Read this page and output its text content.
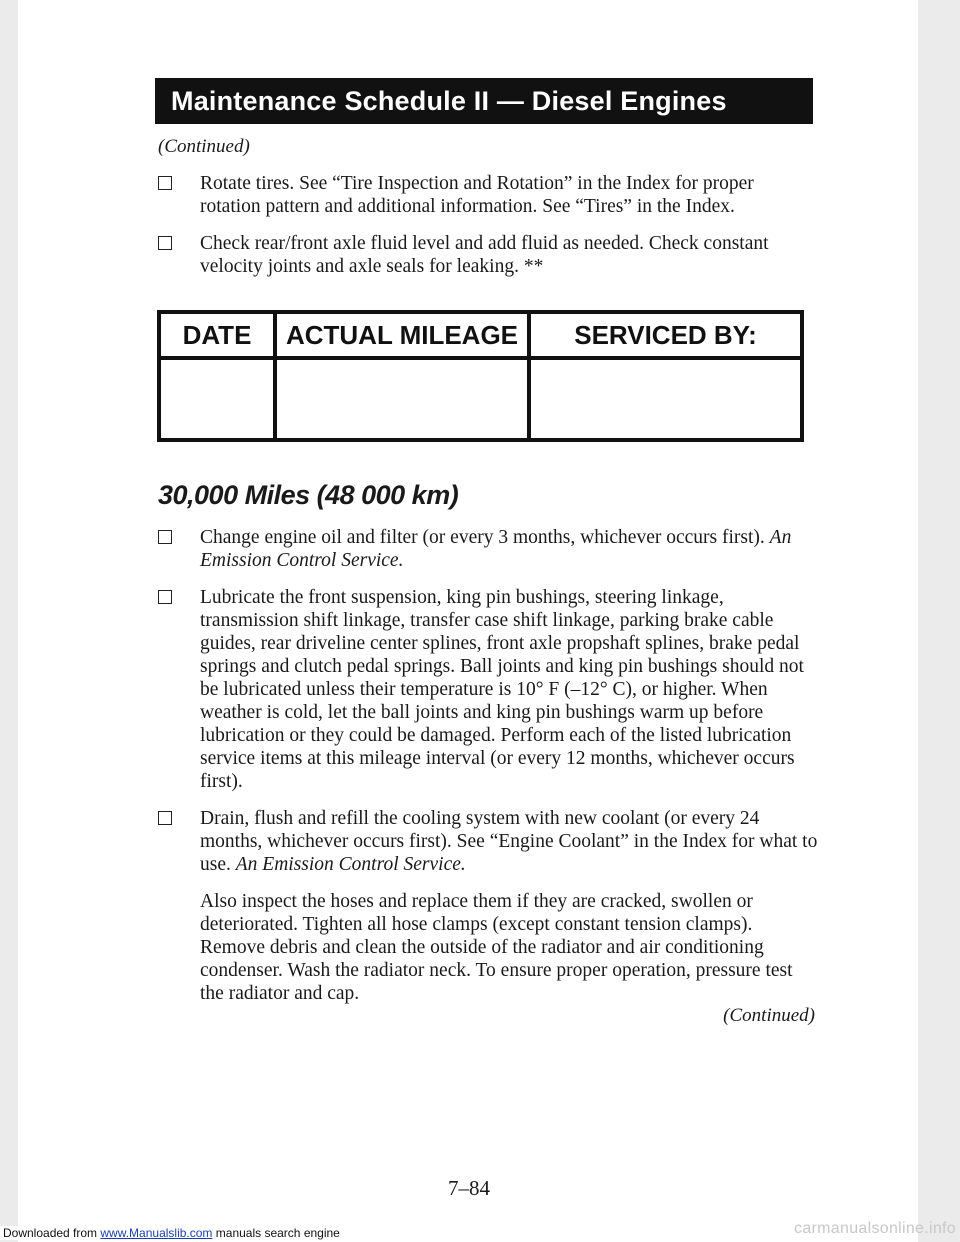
Maintenance Schedule II — Diesel Engines
(Continued)
Rotate tires. See “Tire Inspection and Rotation” in the Index for proper rotation pattern and additional information. See “Tires” in the Index.
Check rear/front axle fluid level and add fluid as needed. Check constant velocity joints and axle seals for leaking. **
DATE	ACTUAL MILEAGE	SERVICED BY:

30,000 Miles (48 000 km)
Change engine oil and filter (or every 3 months, whichever occurs first). An Emission Control Service.
Lubricate the front suspension, king pin bushings, steering linkage, transmission shift linkage, transfer case shift linkage, parking brake cable guides, rear driveline center splines, front axle propshaft splines, brake pedal springs and clutch pedal springs. Ball joints and king pin bushings should not be lubricated unless their temperature is 10° F (–12° C), or higher. When weather is cold, let the ball joints and king pin bushings warm up before lubrication or they could be damaged. Perform each of the listed lubrication service items at this mileage interval (or every 12 months, whichever occurs first).
Drain, flush and refill the cooling system with new coolant (or every 24 months, whichever occurs first). See “Engine Coolant” in the Index for what to use. An Emission Control Service.
Also inspect the hoses and replace them if they are cracked, swollen or deteriorated. Tighten all hose clamps (except constant tension clamps). Remove debris and clean the outside of the radiator and air conditioning condenser. Wash the radiator neck. To ensure proper operation, pressure test the radiator and cap.
(Continued)
7–84
Downloaded from www.Manualslib.com manuals search engine	carmanualsonline.info
